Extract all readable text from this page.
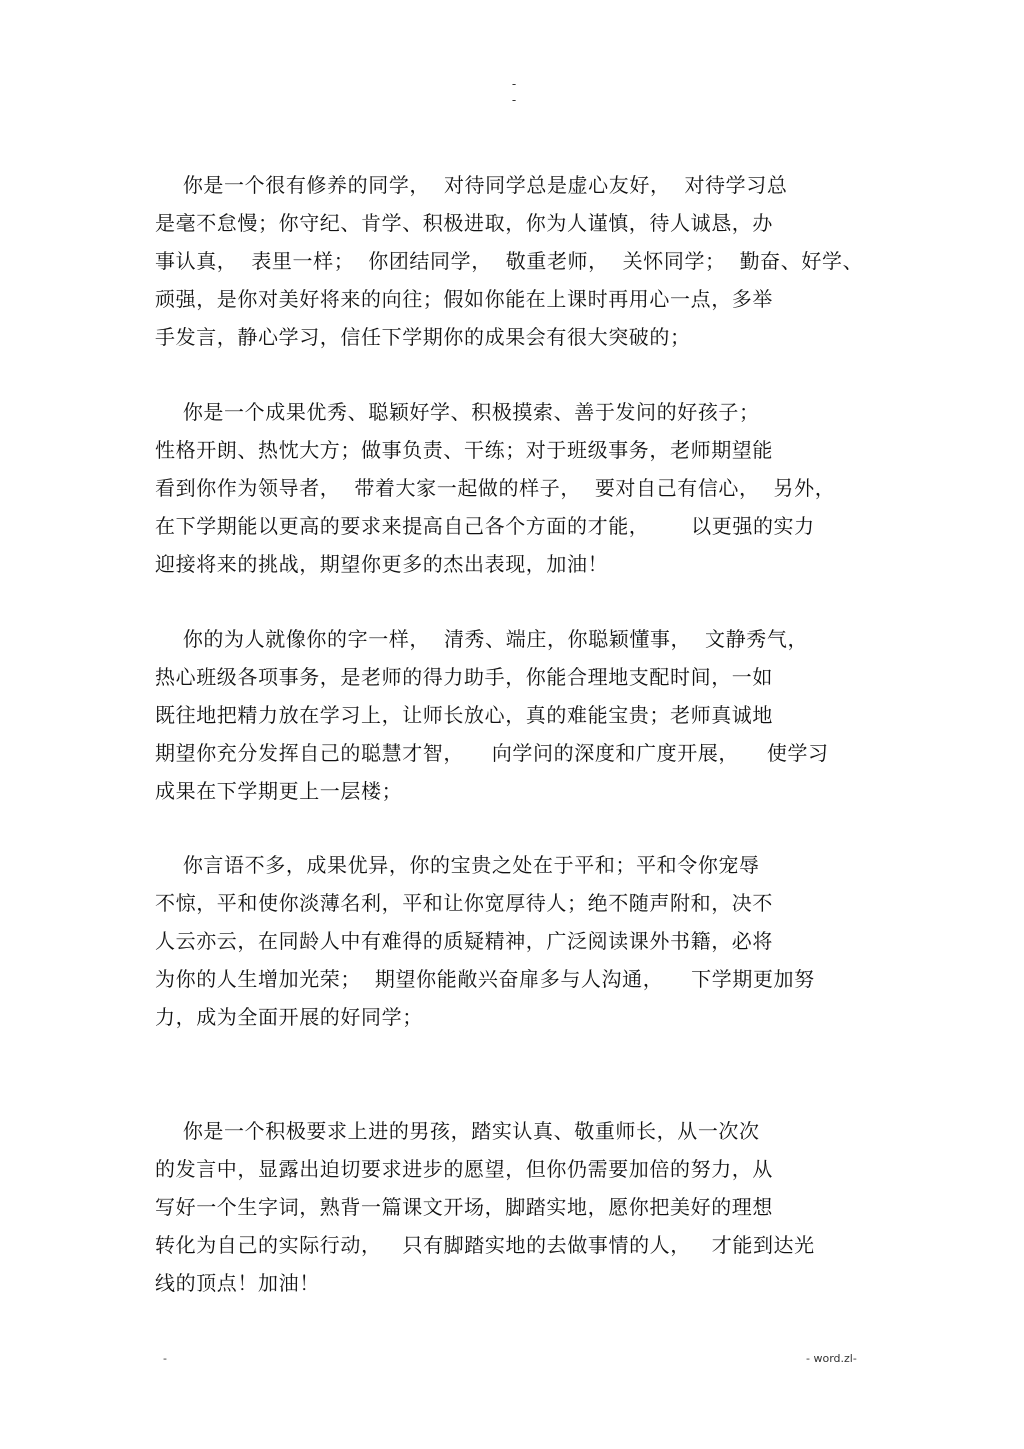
-
-
你是一个很有修养的同学，  对待同学总是虚心友好，  对待学习总
是毫不怠慢；你守纪、肯学、积极进取，你为人谨慎，待人诚恳，办
事认真，  表里一样；  你团结同学，  敬重老师，  关怀同学；  勤奋、好学、
顽强，是你对美好将来的向往；假如你能在上课时再用心一点，多举
手发言，静心学习，信任下学期你的成果会有很大突破的；
你是一个成果优秀、聪颖好学、积极摸索、善于发问的好孩子；
性格开朗、热忱大方；做事负责、干练；对于班级事务，老师期望能
看到你作为领导者，  带着大家一起做的样子，  要对自己有信心，  另外，
在下学期能以更高的要求来提高自己各个方面的才能，      以更强的实力
迎接将来的挑战，期望你更多的杰出表现，加油！
你的为人就像你的字一样，  清秀、端庄，你聪颖懂事，  文静秀气，
热心班级各项事务，是老师的得力助手，你能合理地支配时间，一如
既往地把精力放在学习上，让师长放心，真的难能宝贵；老师真诚地
期望你充分发挥自己的聪慧才智，    向学问的深度和广度开展，    使学习
成果在下学期更上一层楼；
你言语不多，成果优异，你的宝贵之处在于平和；平和令你宠辱
不惊，平和使你淡薄名利，平和让你宽厚待人；绝不随声附和，决不
人云亦云，在同龄人中有难得的质疑精神，广泛阅读课外书籍，必将
为你的人生增加光荣；  期望你能敞兴奋扉多与人沟通，    下学期更加努
力，成为全面开展的好同学；
你是一个积极要求上进的男孩，踏实认真、敬重师长，从一次次
的发言中，显露出迫切要求进步的愿望，但你仍需要加倍的努力，从
写好一个生字词，熟背一篇课文开场，脚踏实地，愿你把美好的理想
转化为自己的实际行动，   只有脚踏实地的去做事情的人，   才能到达光
线的顶点！加油！
-	- word.zl-
